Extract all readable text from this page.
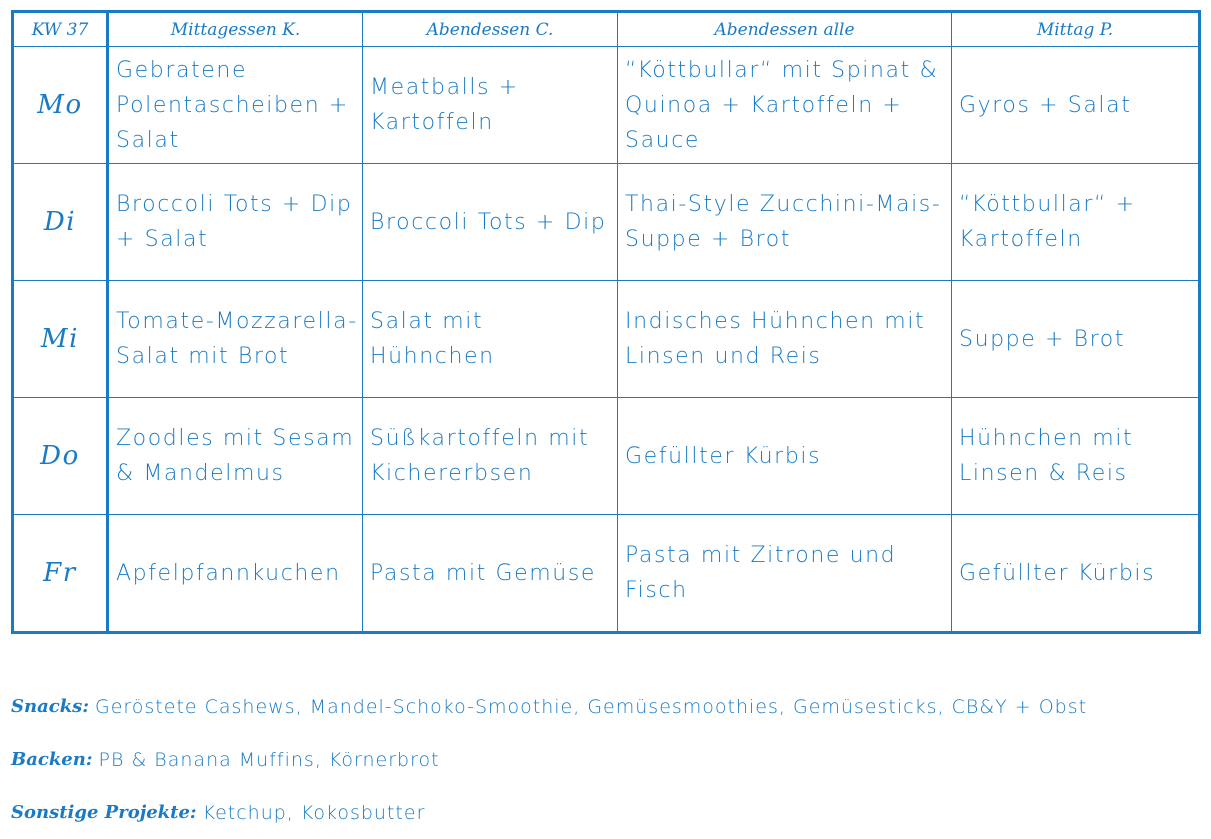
KW 37	Mittagessen K.	Abendessen C.	Abendessen alle	Mittag P.
Mo	Gebratene Polentascheiben + Salat	Meatballs + Kartoffeln	“Köttbullar“ mit Spinat & Quinoa + Kartoffeln + Sauce	Gyros + Salat
Di	Broccoli Tots + Dip + Salat	Broccoli Tots + Dip	Thai-Style Zucchini-Mais-Suppe + Brot	“Köttbullar“ + Kartoffeln
Mi	Tomate-Mozzarella-Salat mit Brot	Salat mit Hühnchen	Indisches Hühnchen mit Linsen und Reis	Suppe + Brot
Do	Zoodles mit Sesam & Mandelmus	Süßkartoffeln mit Kichererbsen	Gefüllter Kürbis	Hühnchen mit Linsen & Reis
Fr	Apfelpfannkuchen	Pasta mit Gemüse	Pasta mit Zitrone und Fisch	Gefüllter Kürbis
Snacks: Geröstete Cashews, Mandel-Schoko-Smoothie, Gemüsesmoothies, Gemüsesticks, CB&Y + Obst
Backen: PB & Banana Muffins, Körnerbrot
Sonstige Projekte: Ketchup, Kokosbutter
